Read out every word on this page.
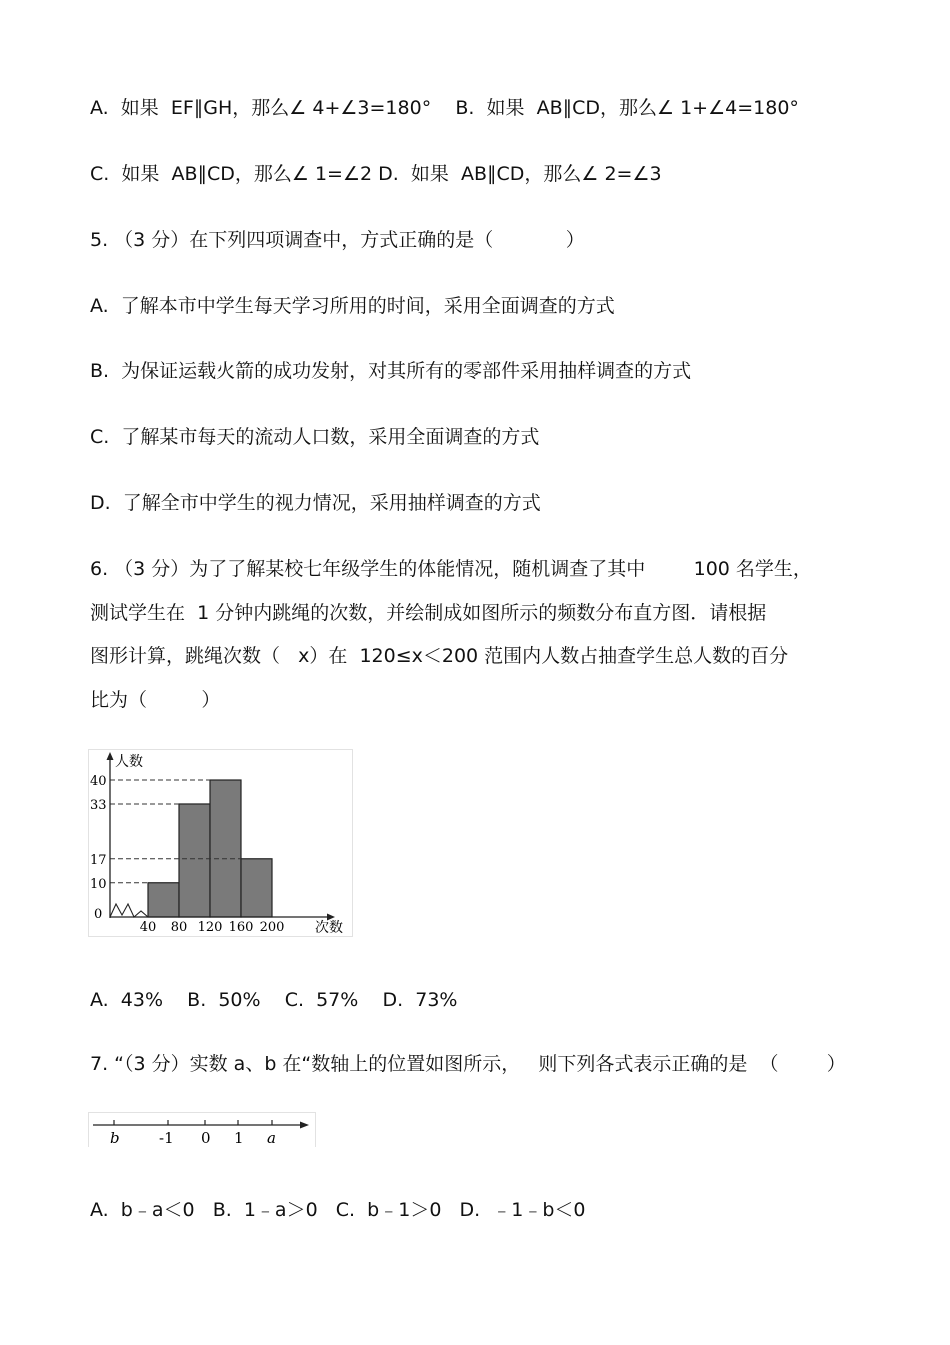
A.  如果  EF∥GH，那么∠ 4+∠3=180°    B.  如果  AB∥CD，那么∠ 1+∠4=180°
C.  如果  AB∥CD，那么∠ 1=∠2 D.  如果  AB∥CD，那么∠ 2=∠3
5. （3 分）在下列四项调查中，方式正确的是（            ）
A.  了解本市中学生每天学习所用的时间，采用全面调查的方式
B.  为保证运载火箭的成功发射，对其所有的零部件采用抽样调查的方式
C.  了解某市每天的流动人口数，采用全面调查的方式
D.  了解全市中学生的视力情况，采用抽样调查的方式
6. （3 分）为了了解某校七年级学生的体能情况，随机调查了其中        100 名学生，
测试学生在  1 分钟内跳绳的次数，并绘制成如图所示的频数分布直方图．请根据
图形计算，跳绳次数（   x）在  120≤x＜200 范围内人数占抽查学生总人数的百分
比为（         ）
10
17
33
40
40 80 120 160 200
人数
次数
0
A.  43%    B.  50%    C.  57%    D.  73%
7. “（3 分）实数 a、b 在“数轴上的位置如图所示，   则下列各式表示正确的是  （        ）
b	-1 0 1 a
A.  b﹣a＜0   B.  1﹣a＞0   C.  b﹣1＞0   D.  ﹣1﹣b＜0
